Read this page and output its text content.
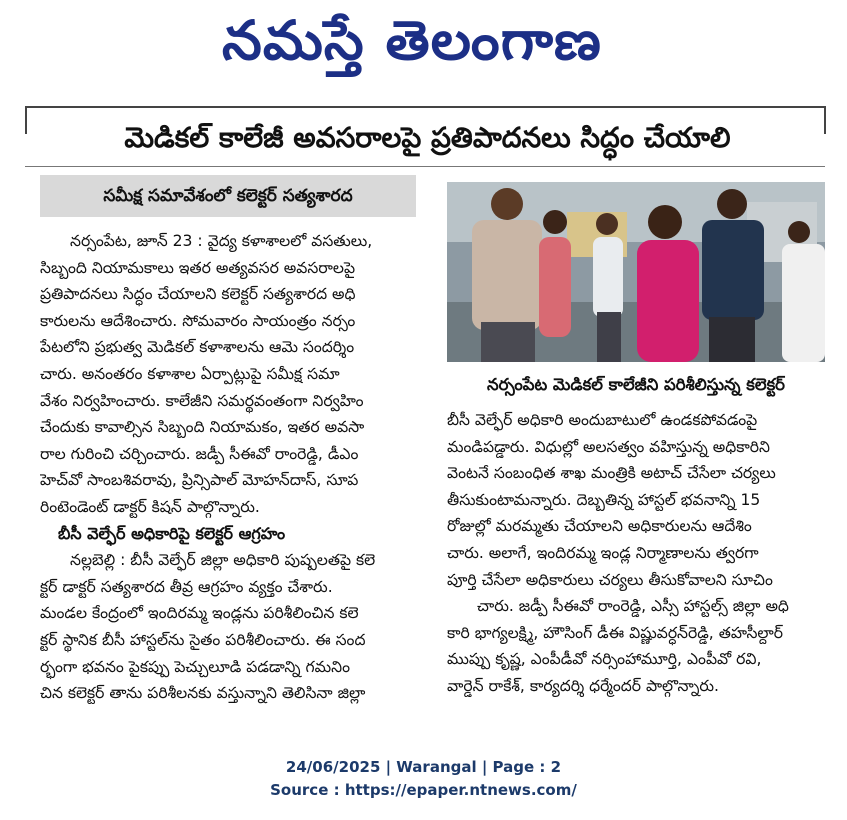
నమస్తే తెలంగాణ
మెడికల్ కాలేజీ అవసరాలపై ప్రతిపాదనలు సిద్ధం చేయాలి
సమీక్ష సమావేశంలో కలెక్టర్ సత్యశారద
నర్సంపేట, జూన్ 23 : వైద్య కళాశాలలో వసతులు,
సిబ్బంది నియామకాలు ఇతర అత్యవసర అవసరాలపై
ప్రతిపాదనలు సిద్ధం చేయాలని కలెక్టర్ సత్యశారద అధి
కారులను ఆదేశించారు. సోమవారం సాయంత్రం నర్సం
పేటలోని ప్రభుత్వ మెడికల్ కళాశాలను ఆమె సందర్శిం
చారు. అనంతరం కళాశాల ఏర్పాట్లుపై సమీక్ష సమా
వేశం నిర్వహించారు. కాలేజీని సమర్థవంతంగా నిర్వహిం
చేందుకు కావాల్సిన సిబ్బంది నియామకం, ఇతర అవసా
రాల గురించి చర్చించారు. జడ్పీ సీఈవో రాంరెడ్డి, డీఎం
హెచ్‌వో సాంబశివరావు, ప్రిన్సిపాల్ మోహన్‌దాస్, సూప
రింటెండెంట్ డాక్టర్ కిషన్ పాల్గొన్నారు.
బీసీ వెల్ఫేర్ అధికారిపై కలెక్టర్ ఆగ్రహం
నల్లబెల్లి : బీసీ వెల్ఫేర్ జిల్లా అధికారి పుష్పలతపై కలె
క్టర్ డాక్టర్ సత్యశారద తీవ్ర ఆగ్రహం వ్యక్తం చేశారు.
మండల కేంద్రంలో ఇందిరమ్మ ఇండ్లను పరిశీలించిన కలె
క్టర్ స్థానిక బీసీ హాస్టల్‌ను సైతం పరిశీలించారు. ఈ సంద
ర్భంగా భవనం పైకప్పు పెచ్చులూడి పడడాన్ని గమనిం
చిన కలెక్టర్ తాను పరిశీలనకు వస్తున్నాని తెలిసినా జిల్లా
నర్సంపేట మెడికల్ కాలేజీని పరిశీలిస్తున్న కలెక్టర్
బీసీ వెల్ఫేర్ అధికారి అందుబాటులో ఉండకపోవడంపై
మండిపడ్డారు. విధుల్లో అలసత్వం వహిస్తున్న అధికారిని
వెంటనే సంబంధిత శాఖ మంత్రికి అటాచ్ చేసేలా చర్యలు
తీసుకుంటామన్నారు. దెబ్బతిన్న హాస్టల్ భవనాన్ని 15
రోజుల్లో మరమ్మతు చేయాలని అధికారులను ఆదేశిం
చారు. అలాగే, ఇందిరమ్మ ఇండ్ల నిర్మాణాలను త్వరగా
పూర్తి చేసేలా అధికారులు చర్యలు తీసుకోవాలని సూచిం
చారు. జడ్పీ సీఈవో రాంరెడ్డి, ఎస్సీ హాస్టల్స్ జిల్లా అధి
కారి భాగ్యలక్ష్మి, హౌసింగ్ డీఈ విష్ణువర్ధన్‌రెడ్డి, తహసీల్దార్
ముప్పు కృష్ణ, ఎంపీడీవో నర్సింహామూర్తి, ఎంపీవో రవి,
వార్డెన్ రాకేశ్, కార్యదర్శి ధర్మేందర్ పాల్గొన్నారు.
24/06/2025 | Warangal | Page : 2
Source : https://epaper.ntnews.com/
